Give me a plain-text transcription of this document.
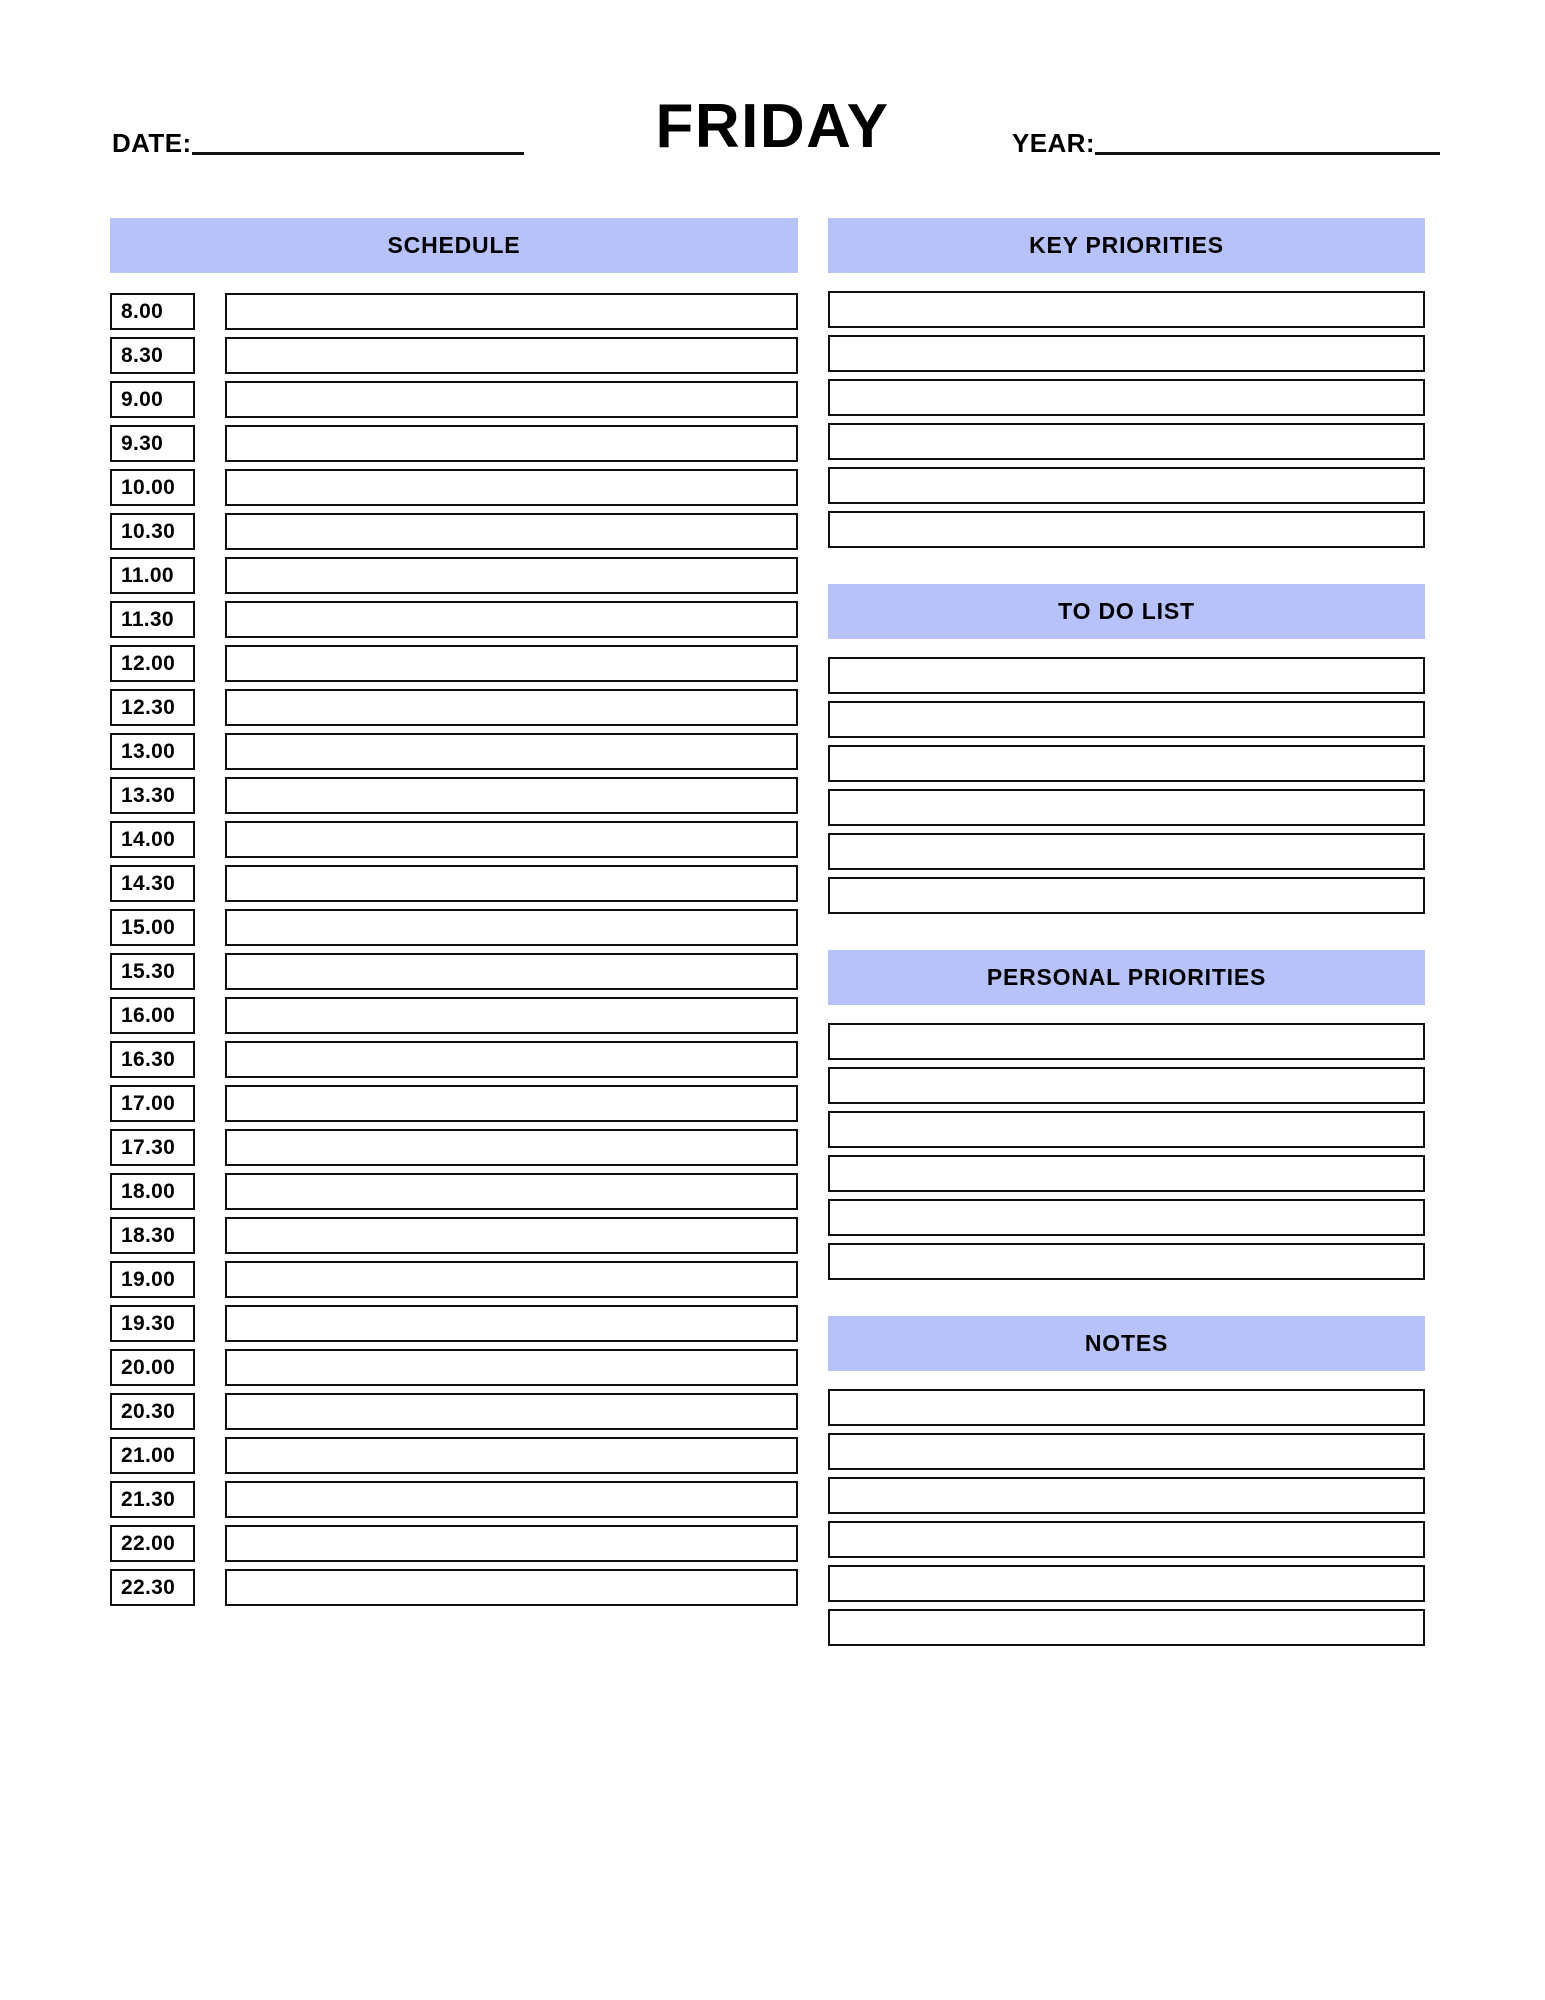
DATE:	FRIDAY	YEAR:
SCHEDULE
8.00
8.30
9.00
9.30
10.00
10.30
11.00
11.30
12.00
12.30
13.00
13.30
14.00
14.30
15.00
15.30
16.00
16.30
17.00
17.30
18.00
18.30
19.00
19.30
20.00
20.30
21.00
21.30
22.00
22.30
KEY PRIORITIES
TO DO LIST
PERSONAL PRIORITIES
NOTES
